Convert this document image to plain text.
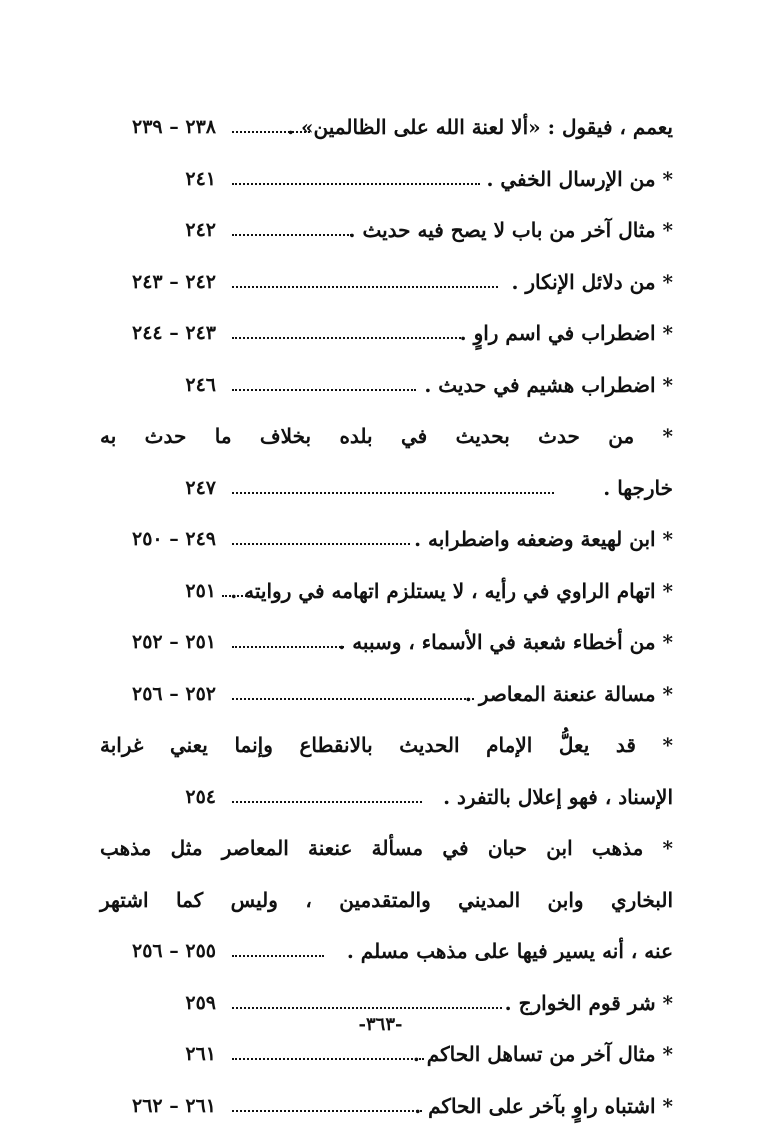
يعمم ، فيقول : «ألا لعنة الله على الظالمين» .
٢٣٨ – ٢٣٩
* من الإرسال الخفي .
٢٤١
* مثال آخر من باب لا يصح فيه حديث .
٢٤٢
* من دلائل الإنكار .
٢٤٢ – ٢٤٣
* اضطراب في اسم راوٍ .
٢٤٣ – ٢٤٤
* اضطراب هشيم في حديث .
٢٤٦
* من حدث بحديث في بلده بخلاف ما حدث به
خارجها .
٢٤٧
* ابن لهيعة وضعفه واضطرابه .
٢٤٩ – ٢٥٠
* اتهام الراوي في رأيه ، لا يستلزم اتهامه في روايته .
٢٥١
* من أخطاء شعبة في الأسماء ، وسببه .
٢٥١ – ٢٥٢
* مسالة عنعنة المعاصر .
٢٥٢ – ٢٥٦
* قد يعلُّ الإمام الحديث بالانقطاع وإنما يعني غرابة
الإسناد ، فهو إعلال بالتفرد .
٢٥٤
* مذهب ابن حبان في مسألة عنعنة المعاصر مثل مذهب
البخاري وابن المديني والمتقدمين ، وليس كما اشتهر
عنه ، أنه يسير فيها على مذهب مسلم .
٢٥٥ – ٢٥٦
* شر قوم الخوارج .
٢٥٩
* مثال آخر من تساهل الحاكم .
٢٦١
* اشتباه راوٍ بآخر على الحاكم .
٢٦١ – ٢٦٢
-٣٦٣-
